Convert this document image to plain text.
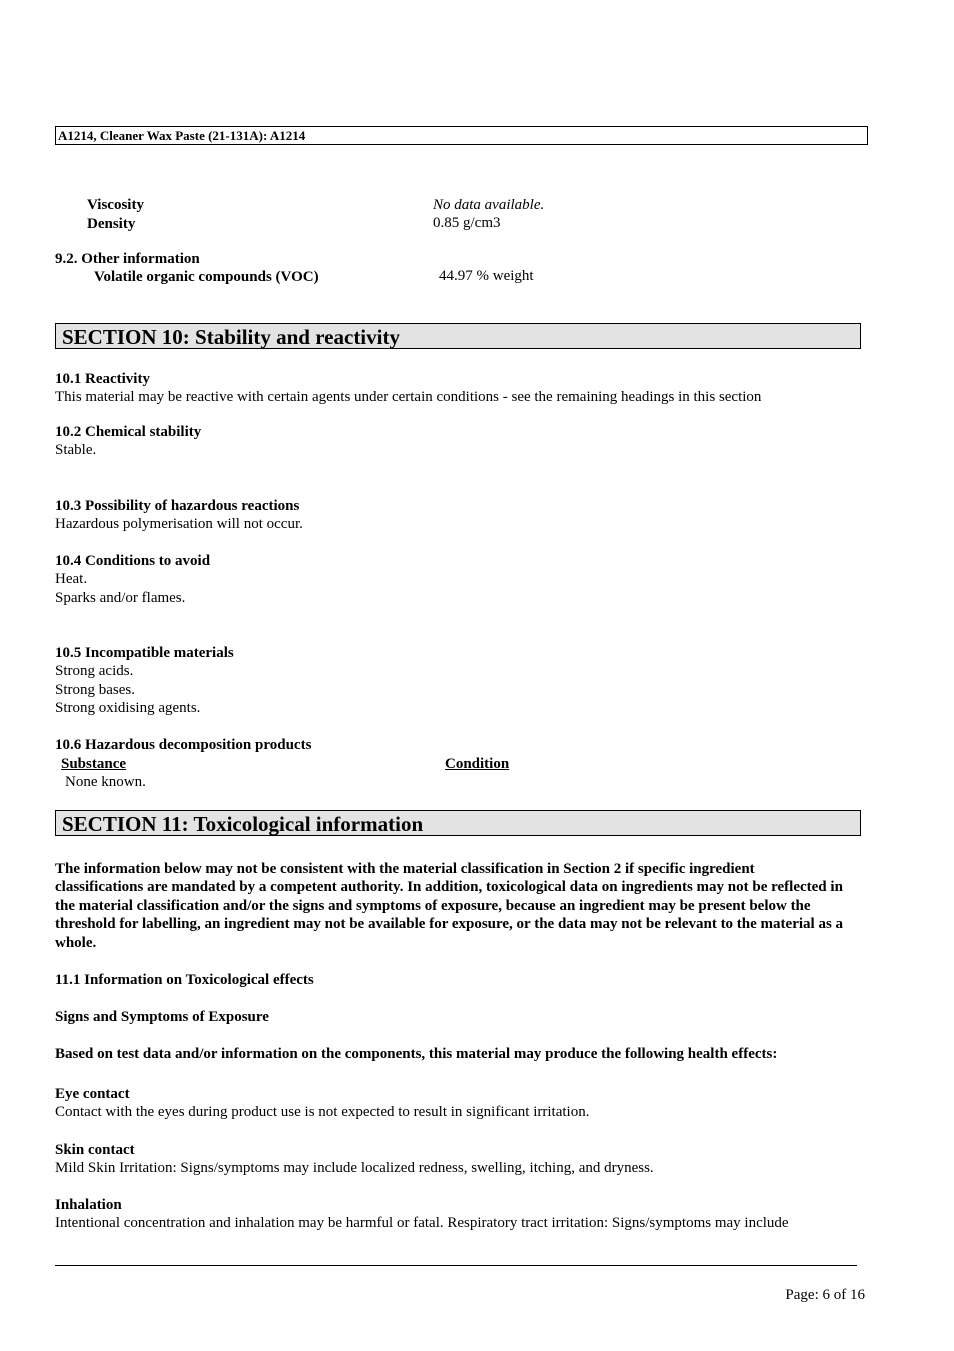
A1214, Cleaner Wax Paste (21-131A): A1214
Viscosity	No data available.
Density	0.85 g/cm3
9.2. Other information
Volatile organic compounds (VOC)	44.97 % weight
SECTION 10: Stability and reactivity
10.1 Reactivity
This material may be reactive with certain agents under certain conditions - see the remaining headings in this section
10.2 Chemical stability
Stable.
10.3 Possibility of hazardous reactions
Hazardous polymerisation will not occur.
10.4 Conditions to avoid
Heat.
Sparks and/or flames.
10.5 Incompatible materials
Strong acids.
Strong bases.
Strong oxidising agents.
10.6 Hazardous decomposition products
Substance	Condition
None known.
SECTION 11: Toxicological information
The information below may not be consistent with the material classification in Section 2 if specific ingredient classifications are mandated by a competent authority. In addition, toxicological data on ingredients may not be reflected in the material classification and/or the signs and symptoms of exposure, because an ingredient may be present below the threshold for labelling, an ingredient may not be available for exposure, or the data may not be relevant to the material as a whole.
11.1 Information on Toxicological effects
Signs and Symptoms of Exposure
Based on test data and/or information on the components, this material may produce the following health effects:
Eye contact
Contact with the eyes during product use is not expected to result in significant irritation.
Skin contact
Mild Skin Irritation: Signs/symptoms may include localized redness, swelling, itching, and dryness.
Inhalation
Intentional concentration and inhalation may be harmful or fatal. Respiratory tract irritation: Signs/symptoms may include
Page: 6 of 16
